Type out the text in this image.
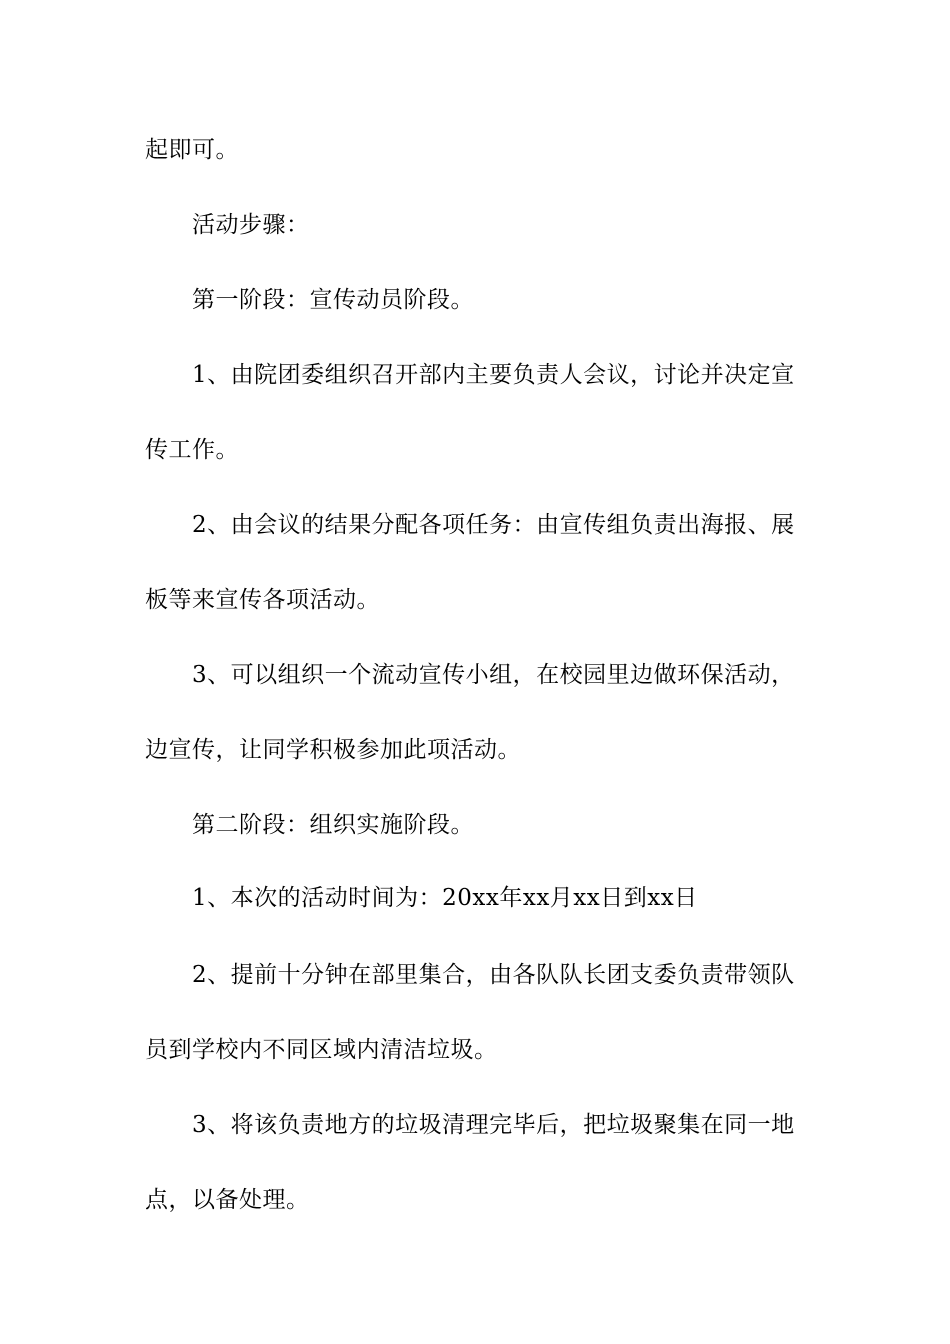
起即可。
活动步骤：
第一阶段：宣传动员阶段。
1、由院团委组织召开部内主要负责人会议，讨论并决定宣
传工作。
2、由会议的结果分配各项任务：由宣传组负责出海报、展
板等来宣传各项活动。
3、可以组织一个流动宣传小组，在校园里边做环保活动，
边宣传，让同学积极参加此项活动。
第二阶段：组织实施阶段。
1、本次的活动时间为：20xx年xx月xx日到xx日
2、提前十分钟在部里集合，由各队队长团支委负责带领队
员到学校内不同区域内清洁垃圾。
3、将该负责地方的垃圾清理完毕后，把垃圾聚集在同一地
点，以备处理。
